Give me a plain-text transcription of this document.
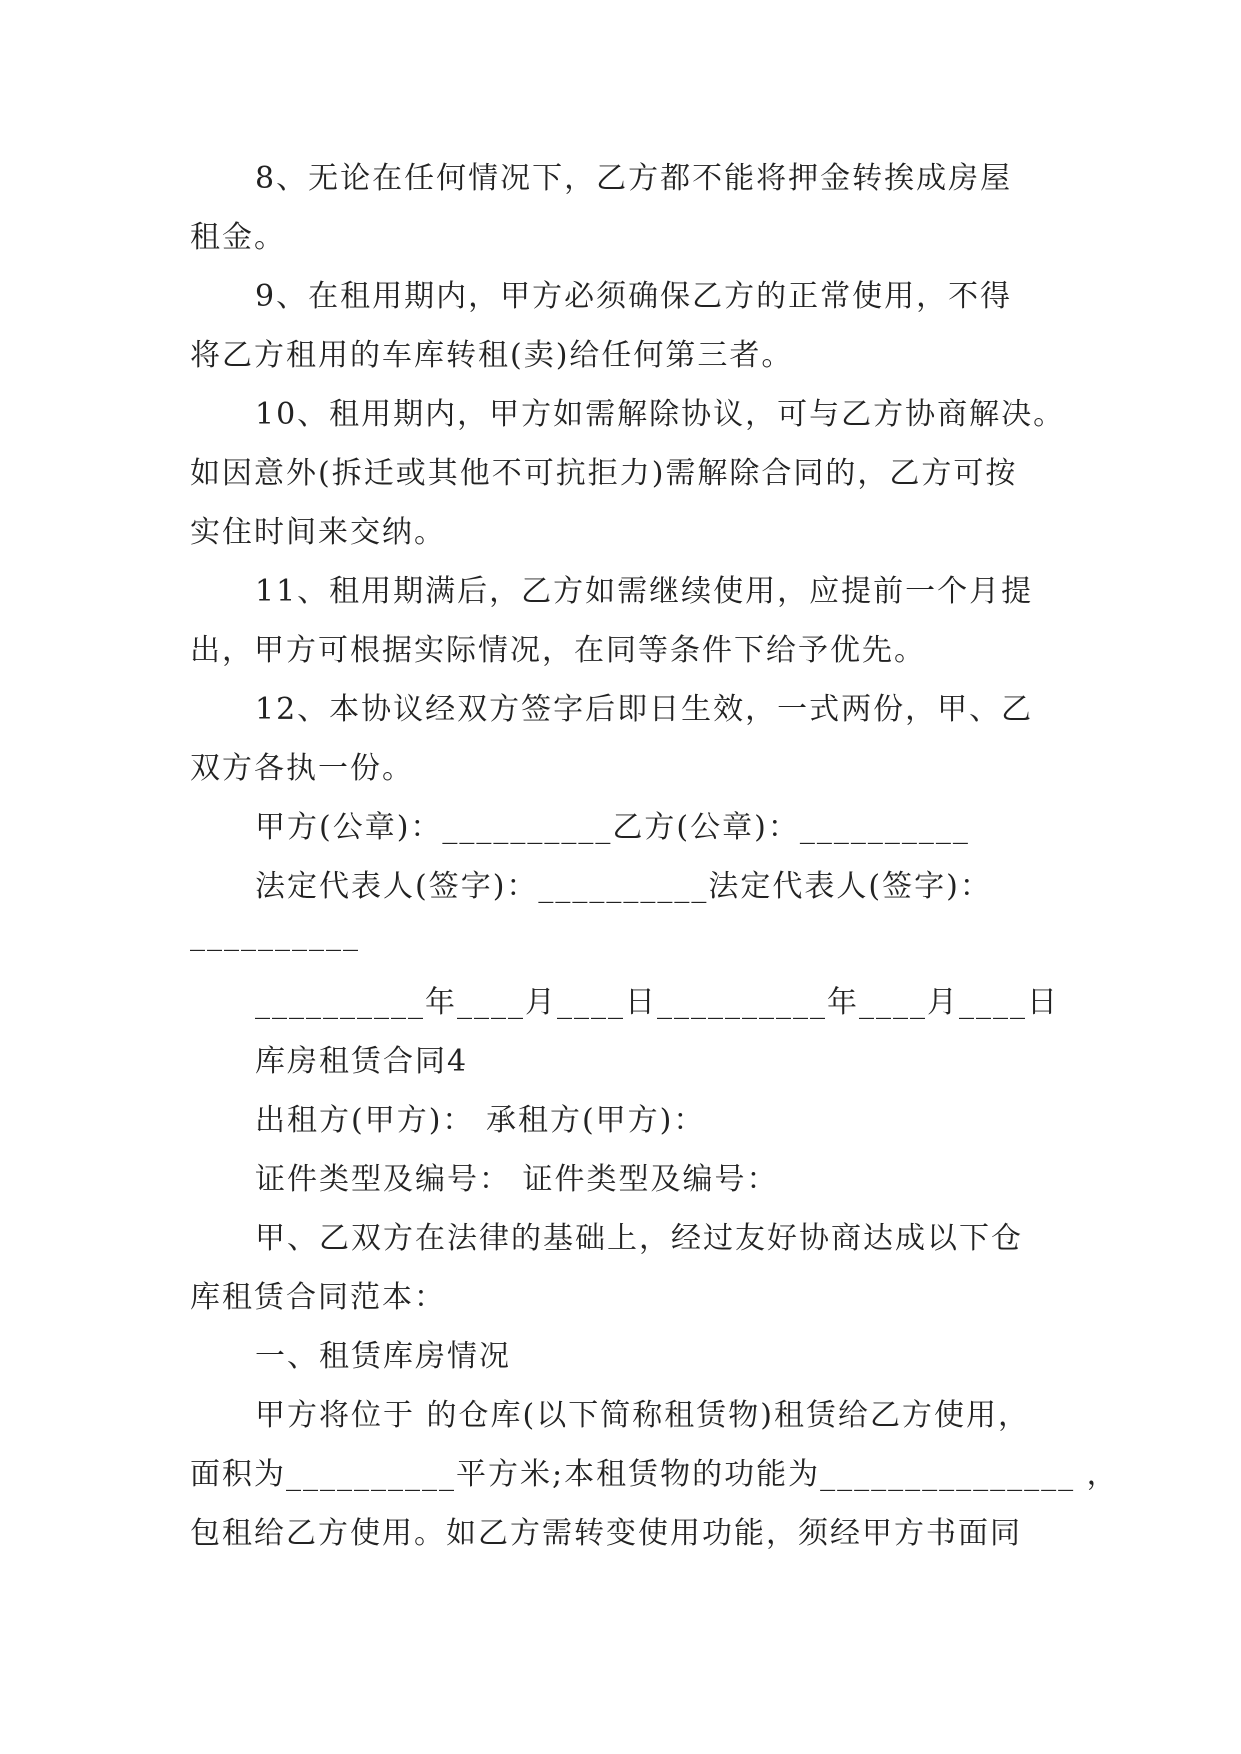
8、无论在任何情况下，乙方都不能将押金转挨成房屋
租金。
9、在租用期内，甲方必须确保乙方的正常使用，不得
将乙方租用的车库转租(卖)给任何第三者。
10、租用期内，甲方如需解除协议，可与乙方协商解决。
如因意外(拆迁或其他不可抗拒力)需解除合同的，乙方可按
实住时间来交纳。
11、租用期满后，乙方如需继续使用，应提前一个月提
出，甲方可根据实际情况，在同等条件下给予优先。
12、本协议经双方签字后即日生效，一式两份，甲、乙
双方各执一份。
甲方(公章)：__________乙方(公章)：__________
法定代表人(签字)：__________法定代表人(签字)：
__________
__________年____月____日__________年____月____日
库房租赁合同4
出租方(甲方)： 承租方(甲方)：
证件类型及编号： 证件类型及编号：
甲、乙双方在法律的基础上，经过友好协商达成以下仓
库租赁合同范本：
一、租赁库房情况
甲方将位于 的仓库(以下简称租赁物)租赁给乙方使用，
面积为__________平方米;本租赁物的功能为_______________ ，
包租给乙方使用。如乙方需转变使用功能，须经甲方书面同
